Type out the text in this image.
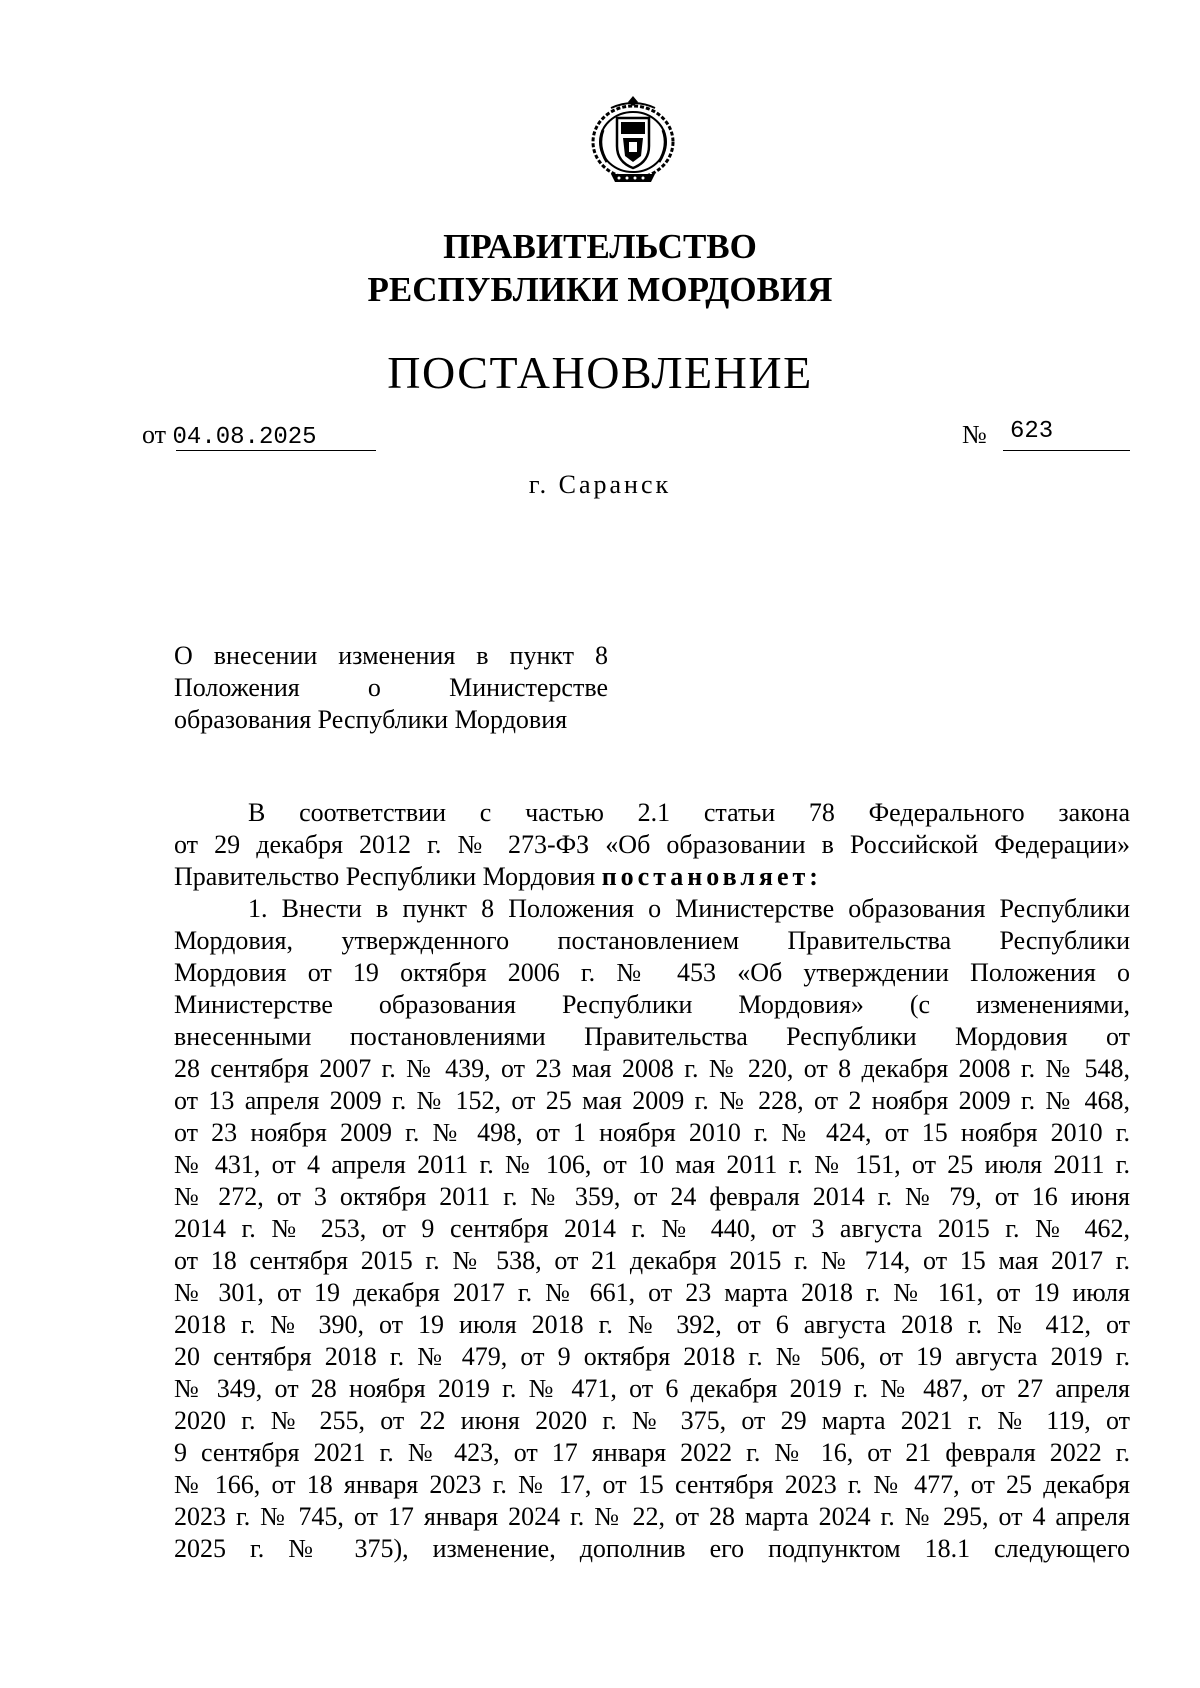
ПРАВИТЕЛЬСТВО
РЕСПУБЛИКИ МОРДОВИЯ
ПОСТАНОВЛЕНИЕ
от 04.08.2025	№ 623
г. Саранск
О внесении изменения в пункт 8
Положения о Министерстве
образования Республики Мордовия
В соответствии с частью 2.1 статьи 78 Федерального закона
от 29 декабря 2012 г. № 273-ФЗ «Об образовании в Российской Федерации»
Правительство Республики Мордовия постановляет:
1. Внести в пункт 8 Положения о Министерстве образования Республики
Мордовия, утвержденного постановлением Правительства Республики
Мордовия от 19 октября 2006 г. № 453 «Об утверждении Положения о
Министерстве образования Республики Мордовия» (с изменениями,
внесенными постановлениями Правительства Республики Мордовия от
28 сентября 2007 г. № 439, от 23 мая 2008 г. № 220, от 8 декабря 2008 г. № 548,
от 13 апреля 2009 г. № 152, от 25 мая 2009 г. № 228, от 2 ноября 2009 г. № 468,
от 23 ноября 2009 г. № 498, от 1 ноября 2010 г. № 424, от 15 ноября 2010 г.
№ 431, от 4 апреля 2011 г. № 106, от 10 мая 2011 г. № 151, от 25 июля 2011 г.
№ 272, от 3 октября 2011 г. № 359, от 24 февраля 2014 г. № 79, от 16 июня
2014 г. № 253, от 9 сентября 2014 г. № 440, от 3 августа 2015 г. № 462,
от 18 сентября 2015 г. № 538, от 21 декабря 2015 г. № 714, от 15 мая 2017 г.
№ 301, от 19 декабря 2017 г. № 661, от 23 марта 2018 г. № 161, от 19 июля
2018 г. № 390, от 19 июля 2018 г. № 392, от 6 августа 2018 г. № 412, от
20 сентября 2018 г. № 479, от 9 октября 2018 г. № 506, от 19 августа 2019 г.
№ 349, от 28 ноября 2019 г. № 471, от 6 декабря 2019 г. № 487, от 27 апреля
2020 г. № 255, от 22 июня 2020 г. № 375, от 29 марта 2021 г. № 119, от
9 сентября 2021 г. № 423, от 17 января 2022 г. № 16, от 21 февраля 2022 г.
№ 166, от 18 января 2023 г. № 17, от 15 сентября 2023 г. № 477, от 25 декабря
2023 г. № 745, от 17 января 2024 г. № 22, от 28 марта 2024 г. № 295, от 4 апреля
2025 г. № 375), изменение, дополнив его подпунктом 18.1 следующего
